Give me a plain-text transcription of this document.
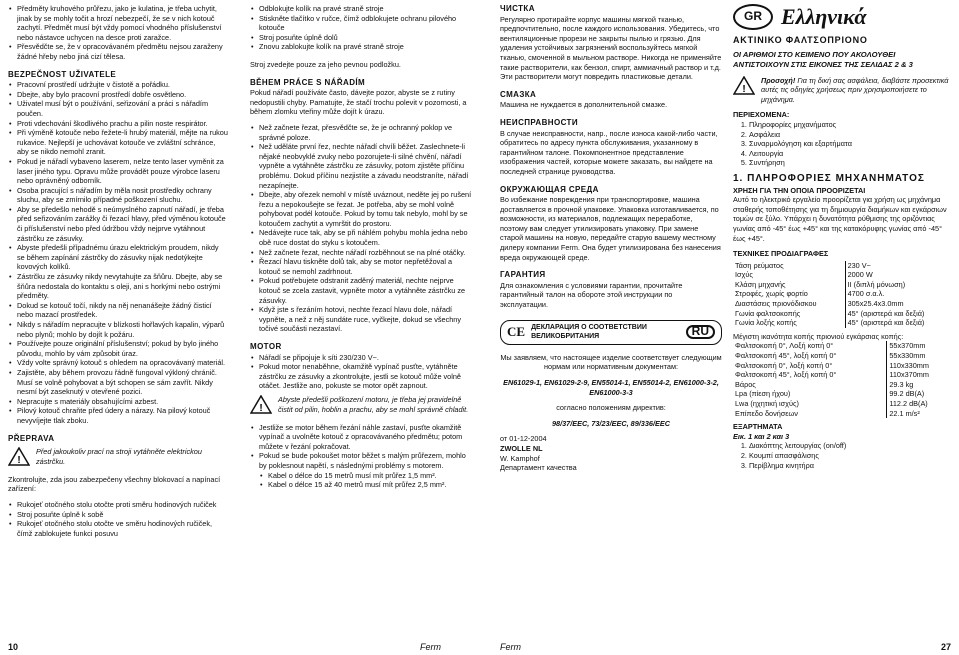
• Předměty kruhového průřezu, jako je kulatina, je třeba uchytit, jinak by se mohly točit a hrozí nebezpečí, že se v nich kotouč zachytí. Předmět musí být vždy pomocí vhodného příslušenství nebo nástavce uchycen na desce proti zaražce.
• Přesvědčte se, že v opracovávaném předmětu nejsou zaraženy žádné hřeby nebo jiná cizí tělesa.
BEZPEČNOST UŽIVATELE
• Pracovní prostředí udržujte v čistotě a pořádku.
• Dbejte, aby bylo pracovní prostředí dobře osvětleno.
• Uživatel musí být o používání, seřizování a práci s nářadím poučen.
• Proti vdechování škodlivého prachu a pilin noste respirátor.
• Při výměně kotouče nebo řežete-li hrubý materiál, mějte na rukou rukavice. Nejlepší je uchovávat kotouče ve zvláštní schránce, aby se nikdo nemohl zranit.
• Pokud je nářadí vybaveno laserem, nelze tento laser vyměnit za laser jiného typu. Opravu může provádět pouze výrobce laseru nebo oprávněný odborník.
• Osoba pracující s nářadím by měla nosit prostředky ochrany sluchu, aby se zmírnilo případné poškození sluchu.
• Aby se předešlo nehodě s neúmyslného zapnutí nářadí, je třeba před seřizováním zarážky či řezací hlavy, před výměnou kotouče či příslušenství nebo před údržbou vždy nejprve vytáhnout zástrčku ze zásuvky.
• Abyste předešli případnému úrazu elektrickým proudem, nikdy se během zapínání zástrčky do zásuvky nijak nedotýkejte kovových kolíků.
• Zástrčku ze zásuvky nikdy nevytahujte za šňůru. Dbejte, aby se šňůra nedostala do kontaktu s oleji, ani s horkými nebo ostrými předměty.
• Dokud se kotouč točí, nikdy na něj nenanášejte žádný čisticí nebo mazací prostředek.
• Nikdy s nářadím nepracujte v blízkosti hořlavých kapalin, výparů nebo plynů; mohlo by dojít k požáru.
• Používejte pouze originální příslušenství; pokud by bylo jiného původu, mohlo by vám způsobit úraz.
• Vždy volte správný kotouč s ohledem na opracovávaný materiál.
• Zajistěte, aby během provozu řádně fungoval výkloný chránič. Musí se volně pohybovat a být schopen se sám zavřít. Nikdy nesmí být zaseknutý v otevřené pozici.
• Nepracujte s materiály obsahujícími azbest.
• Pilový kotouč chraňte před údery a nárazy. Na pilový kotouč nevyvíjejte tlak zboku.
PŘEPRAVA
!
Před jakoukoliv prací na stroji vytáhněte elektrickou zástrčku.

Zkontrolujte, zda jsou zabezpečeny všechny blokovací a napínací zařízení:

• Rukojeť otočného stolu otočte proti směru hodinových ručiček
• Stroj posuňte úplně k sobě
• Rukojeť otočného stolu otočte ve směru hodinových ručiček, čímž zablokujete funkci posuvu
• Odblokujte kolík na pravé straně stroje
• Stiskněte tlačítko v ručce, čímž odblokujete ochranu pilového kotouče
• Stroj posuňte úplně dolů
• Znovu zablokujte kolík na pravé straně stroje

Stroj zvedejte pouze za jeho pevnou podložku.

BĚHEM PRÁCE S NÁŘADÍM

Pokud nářadí používáte často, dávejte pozor, abyste se z rutiny nedopustili chyby. Pamatujte, že stačí trochu polevit v pozornosti, a během zlomku vteřiny může dojít k úrazu.

• Než začnete řezat, přesvědčte se, že je ochranný poklop ve správné poloze.
• Než uděláte první řez, nechte nářadí chvíli běžet. Zaslechnete-li nějaké neobvyklé zvuky nebo pozorujete-li silné chvění, nářadí vypněte a vytáhněte zástrčku ze zásuvky, potom zjistěte příčinu problému. Dokud příčinu nezjistíte a závadu neodstraníte, nářadí nezapínejte.
• Dbejte, aby ořezek nemohl v místě uváznout, neděte jej po rušení řezu a nepokoušejte se řezat. Je potřeba, aby se mohl volně pohybovat podél kotouče. Pokud by tomu tak nebylo, mohl by se kotoučem zachytit a vymrštit do prostoru.
• Nedávejte ruce tak, aby se při náhlém pohybu mohla jedna nebo obě ruce dostat do styku s kotoučem.
• Než začnete řezat, nechte nářadí rozběhnout se na plné otáčky.
• Řezací hlavu tiskněte dolů tak, aby se motor nepřetěžoval a kotouč se nemohl zadrhnout.
• Pokud potřebujete odstranit zaděný materiál, nechte nejprve kotouč se zcela zastavit, vypněte motor a vytáhněte zástrčku ze zásuvky.
• Když jste s řezáním hotovi, nechte řezací hlavu dole, nářadí vypněte, a než z něj sundáte ruce, vyčkejte, dokud se všechny točivé součásti nezastaví.
MOTOR
• Nářadí se připojuje k síti 230/230 V~.
• Pokud motor nenaběhne, okamžitě vypínač pusťte, vytáhněte zástrčku ze zásuvky a zkontrolujte, jestli se kotouč může volně otáčet. Jestliže ano, pokuste se motor opět zapnout.
!
Abyste předešli poškození motoru, je třeba jej pravidelně čistit od pilin, hoblin a prachu, aby se mohl správně chladit.
• Jestliže se motor během řezání náhle zastaví, pusťte okamžitě vypínač a uvolněte kotouč z opracovávaného předmětu; potom můžete v řezání pokračovat.
• Pokud se bude pokoušet motor běžet s malým průřezem, mohlo by poklesnout napětí, s následnými problémy s motorem.
• Kabel o délce do 15 metrů musí mít průřez 1,5 mm².
• Kabel o délce 15 až 40 metrů musí mít průřez 2,5 mm².
ЧИСТКА

Регулярно протирайте корпус машины мягкой тканью, предпочтительно, после каждого использования. Убедитесь, что вентиляционные прорези не закрыты пылью и грязью. Для удаления устойчивых загрязнений воспользуйтесь мягкой тканью, смоченной в мыльном растворе. Никогда не применяйте такие растворители, как бензол, спирт, аммиачный раствор и т.д. Эти растворители могут повредить пластиковые детали.

СМАЗКА

Машина не нуждается в дополнительной смазке.

НЕИСПРАВНОСТИ

В случае неисправности, напр., после износа какой-либо части, обратитесь по адресу пункта обслуживания, указанному в гарантийном талоне. Покомпонентное представление изображения частей, которые можете заказать, вы найдете на последней странице руководства.

ОКРУЖАЮЩАЯ СРЕДА

Во избежание повреждения при транспортировке, машина доставляется в прочной упаковке. Упаковка изготавливается, по возможности, из материалов, подлежащих переработке, поэтому вам следует утилизировать упаковку. При замене старой машины на новую, передайте старую вашему местному дилеру компании Ferm. Она будет утилизирована без нанесения вреда окружающей среде.

ГАРАНТИЯ

Для ознакомления с условиями гарантии, прочитайте гарантийный талон на обороте этой инструкции по эксплуатации.

CE ДЕКЛАРАЦИЯ О СООТВЕТСТВИИ ВЕЛИКОБРИТАНИЯ	RU

Мы заявляем, что настоящее изделие соответствует следующим нормам или нормативным документам:

EN61029-1, EN61029-2-9, EN55014-1, EN55014-2, EN61000-3-2, EN61000-3-3

согласно положениям директив:

98/37/EEC, 73/23/EEC, 89/336/EEC

от 01-12-2004
ZWOLLE NL
W. Kamphof
Департамент качества
GR Ελληνικά
ΑΚΤΙΝΙΚΟ ΦΑΛΤΣΟΠΡΙΟΝΟ
ΟΙ ΑΡΙΘΜΟΙ ΣΤΟ ΚΕΙΜΕΝΟ ΠΟΥ ΑΚΟΛΟΥΘΕΙ ΑΝΤΙΣΤΟΙΧΟΥΝ ΣΤΙΣ ΕΙΚΟΝΕΣ ΤΗΣ ΣΕΛΙΔΑΣ 2 & 3
!
Προσοχή! Για τη δική σας ασφάλεια, διαβάστε προσεκτικά αυτές τις οδηγίες χρήσεως πριν χρησιμοποιήσετε το μηχάνημα.
ΠΕΡΙΕΧΟΜΕΝΑ:
1. Πληροφορίες μηχανήματος
2. Ασφάλεια
3. Συναρμολόγηση και εξαρτήματα
4. Λειτουργία
5. Συντήρηση
1. ΠΛΗΡΟΦΟΡΙΕΣ ΜΗΧΑΝΗΜΑΤΟΣ
ΧΡΗΣΗ ΓΙΑ ΤΗΝ ΟΠΟΙΑ ΠΡΟΟΡΙΖΕΤΑΙ

Αυτό το ηλεκτρικό εργαλείο προορίζεται για χρήση ως μηχάνημα σταθερής τοποθέτησης για τη δημιουργία διαμήκων και εγκάρσιων τομών σε ξύλο. Υπάρχει η δυνατότητα ρύθμισης της οριζόντιας γωνίας από -45° έως +45° και της κατακόρυφης γωνίας από -45° έως +45°.

ΤΕΧΝΙΚΕΣ ΠΡΟΔΙΑΓΡΑΦΕΣ
Τάση ρεύματος	230 V~
Ισχύς	2000 W
Κλάση μηχανής	II (διπλή μόνωση)
Στροφές, χωρίς φορτίο	4700 σ.α.λ.
Διαστάσεις πριονόδισκου	305x25.4x3.0mm
Γωνία φαλτσοκοπής	45° (αριστερά και δεξιά)
Γωνία λοξής κοπής	45° (αριστερά και δεξιά)
Μέγιστη ικανότητα κοπής πριονιού εγκάρσιας κοπής:
Φαλτσοκοπή 0°, Λοξή κοπή 0°	55x370mm
Φαλτσοκοπή 45°, λοξή κοπή 0°	55x330mm
Φαλτσοκοπή 0°, λοξή κοπή 0°	110x330mm
Φαλτσοκοπή 45°, λοξή κοπή 0°	110x370mm
Βάρος	29.3 kg
Lpa (πίεση ήχου)	99.2 dB(A)
Lwa (ηχητική ισχύς)	112.2 dB(A)
Επίπεδο δονήσεων	22.1 m/s²
ΕΞΑΡΤΗΜΑΤΑ
Εικ. 1 και 2 και 3
1. Διακόπτης λειτουργίας (on/off)
2. Κουμπί απασφάλισης
3. Περίβλημα κινητήρα
10	Ferm	Ferm	27
